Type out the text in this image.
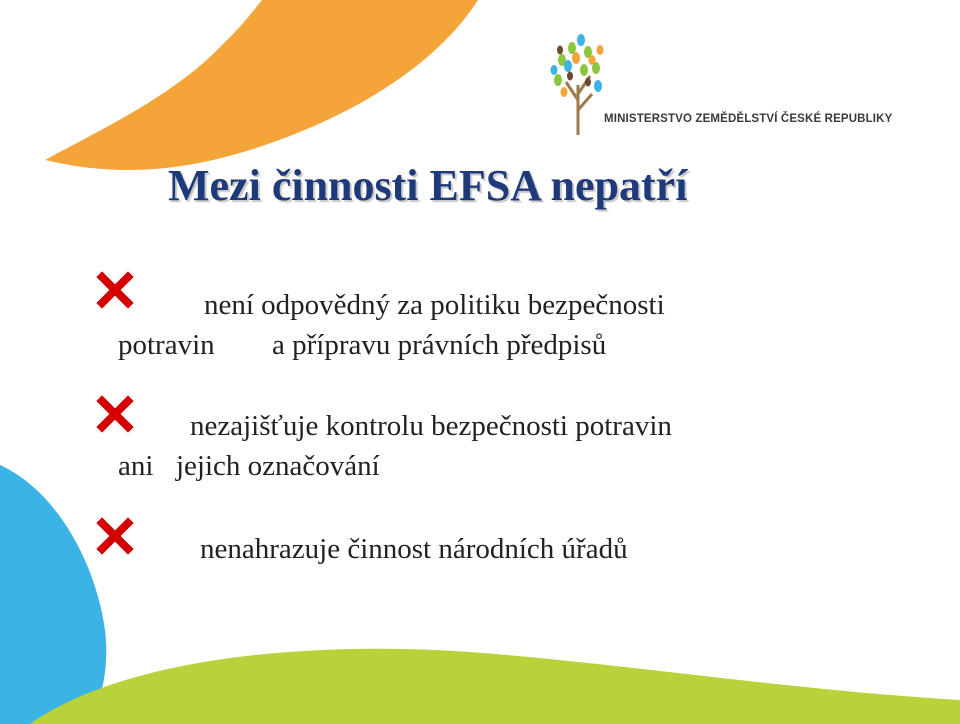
MINISTERSTVO ZEMĚDĚLSTVÍ ČESKÉ REPUBLIKY
Mezi činnosti EFSA nepatří

není odpovědný za politiku bezpečnosti

potravin a přípravu právních předpisů

nezajišťuje kontrolu bezpečnosti potravin

ani jejich označování

nenahrazuje činnost národních úřadů
